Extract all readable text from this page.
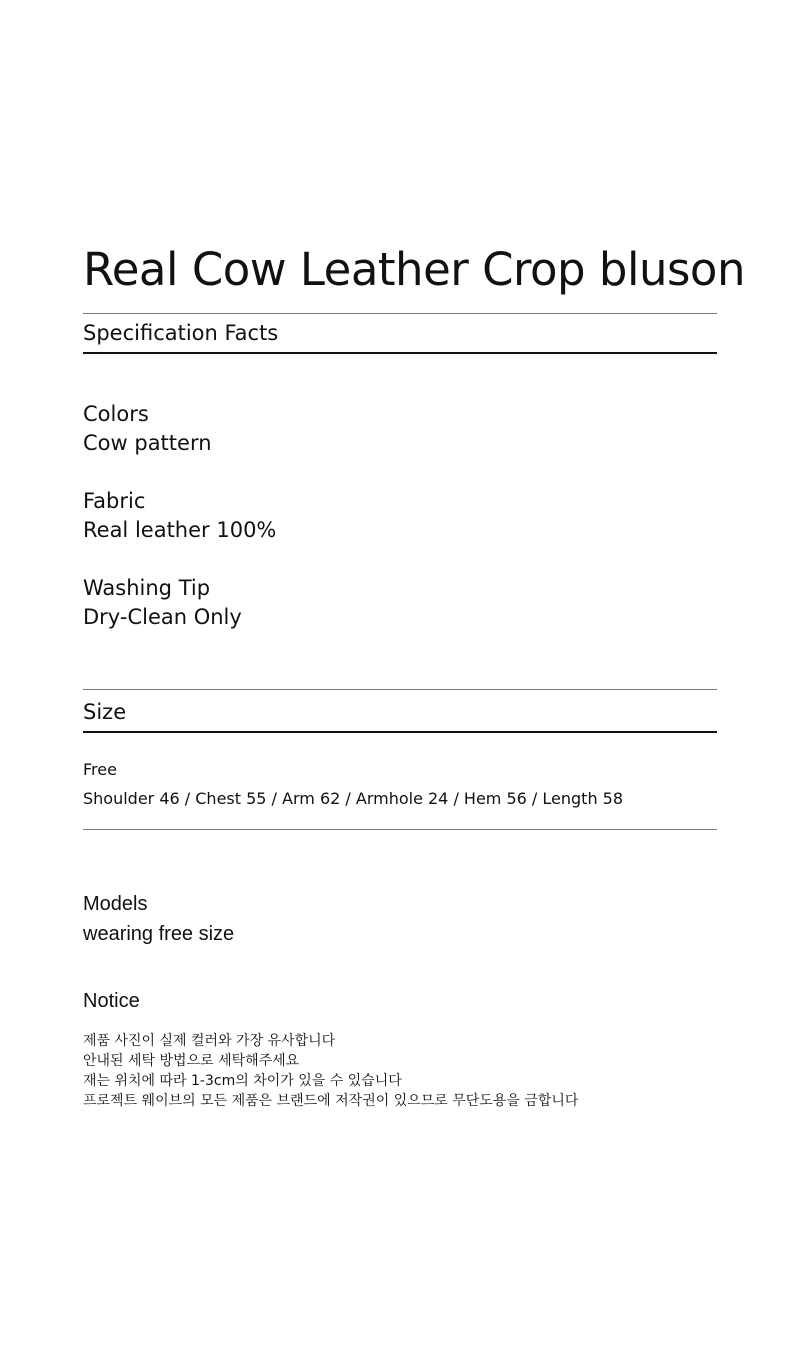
Real Cow Leather Crop bluson
Specification Facts
Colors
Cow pattern
Fabric
Real leather 100%
Washing Tip
Dry-Clean Only
Size
Free
Shoulder 46 / Chest 55 / Arm 62 / Armhole 24 / Hem 56 / Length 58
Models
wearing free size
Notice
제품 사진이 실제 컬러와 가장 유사합니다
안내된 세탁 방법으로 세탁해주세요
재는 위치에 따라 1-3cm의 차이가 있을 수 있습니다
프로젝트 웨이브의 모든 제품은 브랜드에 저작권이 있으므로 무단도용을 금합니다
